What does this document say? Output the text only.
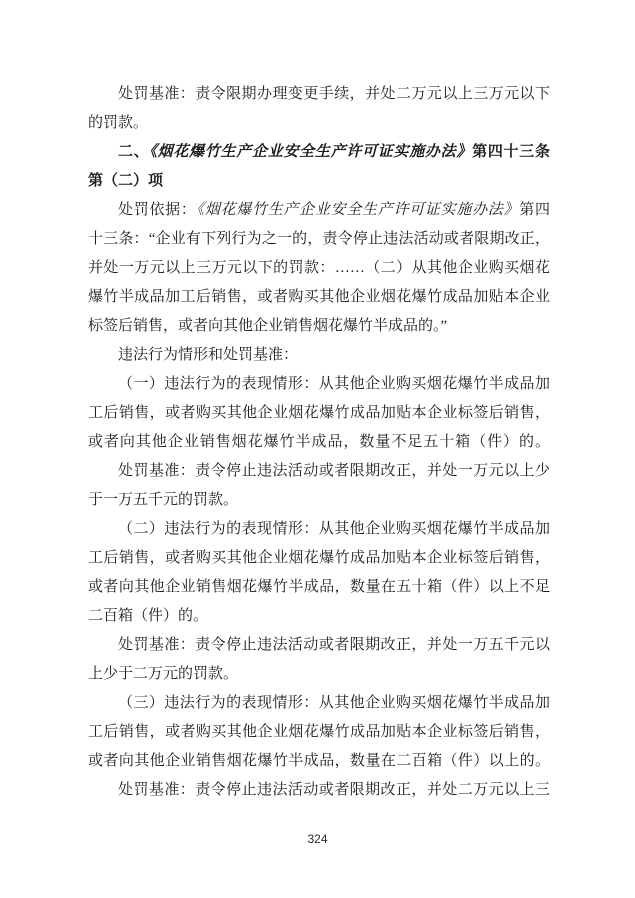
处罚基准：责令限期办理变更手续，并处二万元以上三万元以下
的罚款。
二、《烟花爆竹生产企业安全生产许可证实施办法》第四十三条
第（二）项
处罚依据：《烟花爆竹生产企业安全生产许可证实施办法》第四
十三条：“企业有下列行为之一的，责令停止违法活动或者限期改正，
并处一万元以上三万元以下的罚款：……（二）从其他企业购买烟花
爆竹半成品加工后销售，或者购买其他企业烟花爆竹成品加贴本企业
标签后销售，或者向其他企业销售烟花爆竹半成品的。”
违法行为情形和处罚基准：
（一）违法行为的表现情形：从其他企业购买烟花爆竹半成品加
工后销售，或者购买其他企业烟花爆竹成品加贴本企业标签后销售，
或者向其他企业销售烟花爆竹半成品，数量不足五十箱（件）的。
处罚基准：责令停止违法活动或者限期改正，并处一万元以上少
于一万五千元的罚款。
（二）违法行为的表现情形：从其他企业购买烟花爆竹半成品加
工后销售，或者购买其他企业烟花爆竹成品加贴本企业标签后销售，
或者向其他企业销售烟花爆竹半成品，数量在五十箱（件）以上不足
二百箱（件）的。
处罚基准：责令停止违法活动或者限期改正，并处一万五千元以
上少于二万元的罚款。
（三）违法行为的表现情形：从其他企业购买烟花爆竹半成品加
工后销售，或者购买其他企业烟花爆竹成品加贴本企业标签后销售，
或者向其他企业销售烟花爆竹半成品，数量在二百箱（件）以上的。
处罚基准：责令停止违法活动或者限期改正，并处二万元以上三
324
